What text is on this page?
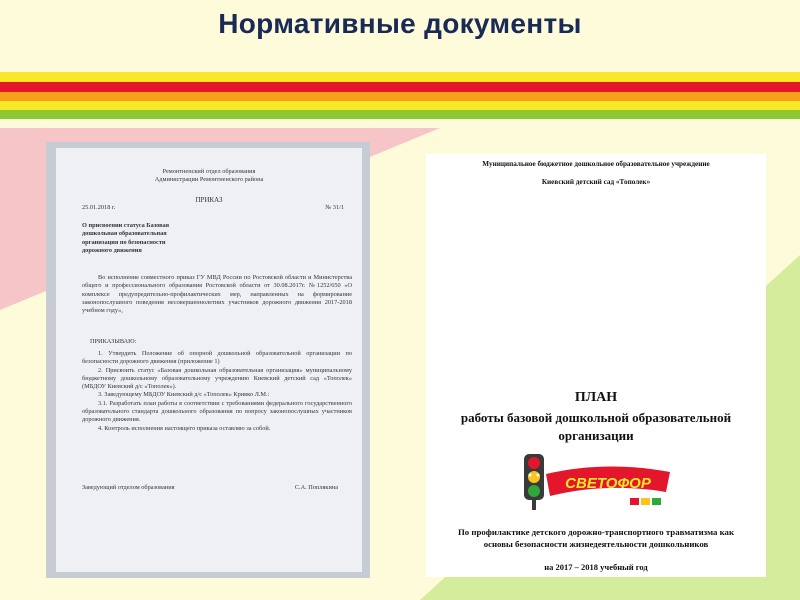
Нормативные документы
Ремонтненский отдел образования
Администрации Ремонтненского района
ПРИКАЗ
25.01.2018 г.	№ 31/1
О присвоении статуса Базовая
дошкольная образовательная
организация по безопасности
дорожного движения
Во исполнение совместного приказ ГУ МВД России по Ростовской области и Министерства общего и профессионального образования Ростовской области от 30.08.2017г. №1252/650 «О комплексе предупредительно-профилактических мер, направленных на формирование законопослушного поведения несовершеннолетних участников дорожного движения 2017-2018 учебном году»,
ПРИКАЗЫВАЮ:
1. Утвердить Положение об опорной дошкольной образовательной организации по безопасности дорожного движения (приложение 1)
2. Присвоить статус «Базовая дошкольная образовательная организация» муниципальному бюджетному дошкольному образовательному учреждению Киевский детский сад «Тополек» (МБДОУ Киевский д/с «Тополек»).
3. Заведующему МБДОУ Киевский д/с «Тополек» Кривко Л.М.:
3.1. Разработать план работы в соответствии с требованиями федерального государственного образовательного стандарта дошкольного образования по вопросу законопослушных участников дорожного движения.
4. Контроль исполнения настоящего приказа оставляю за собой.
Заведующий отделом образования	С.А. Поплякина
Муниципальное бюджетное дошкольное образовательное учреждение
Киевский детский сад «Тополек»
ПЛАН
работы базовой дошкольной образовательной
организации
СВЕТОФОР
По профилактике детского дорожно-транспортного травматизма как
основы безопасности жизнедеятельности дошкольников
на 2017 – 2018 учебный год
